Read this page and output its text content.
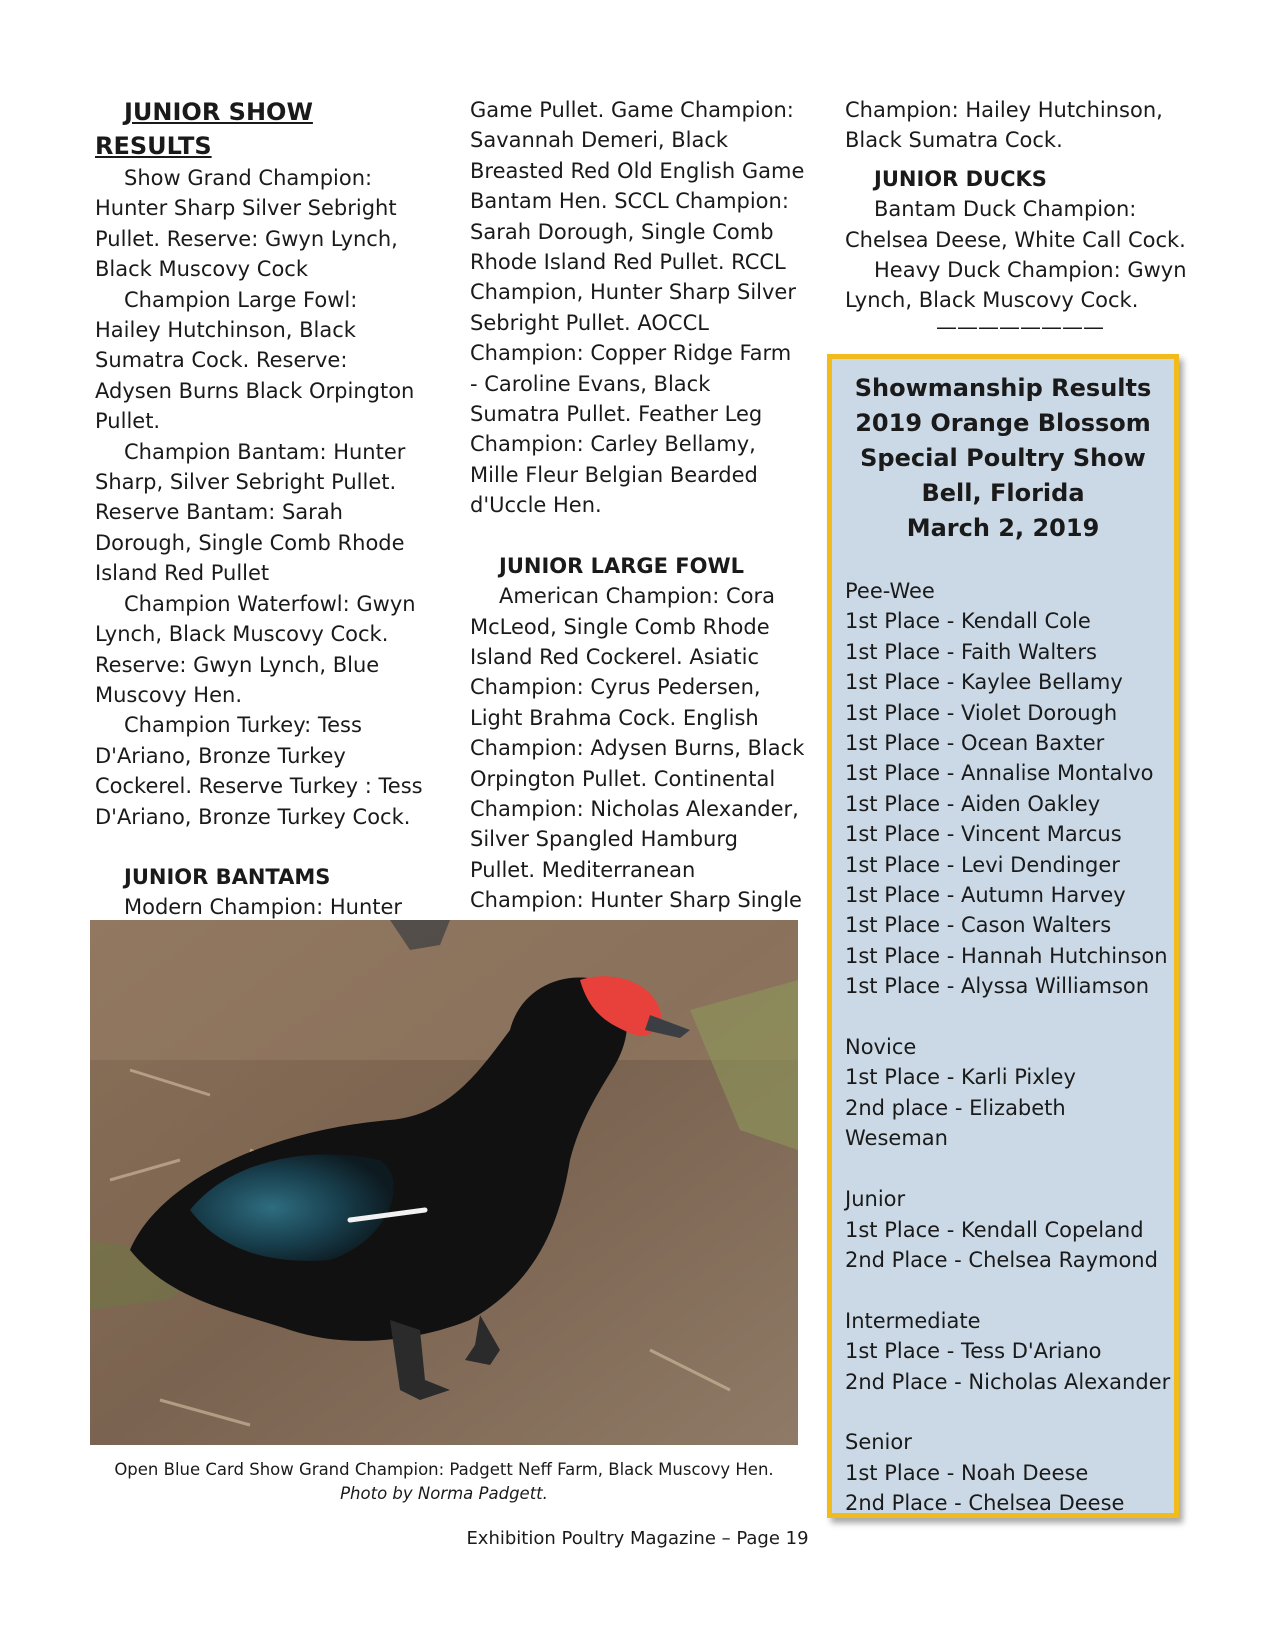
JUNIOR SHOW RESULTS

Show Grand Champion: Hunter Sharp Silver Sebright Pullet. Reserve: Gwyn Lynch, Black Muscovy Cock

Champion Large Fowl: Hailey Hutchinson, Black Sumatra Cock. Reserve: Adysen Burns Black Orpington Pullet.

Champion Bantam: Hunter Sharp, Silver Sebright Pullet. Reserve Bantam: Sarah Dorough, Single Comb Rhode Island Red Pullet

Champion Waterfowl: Gwyn Lynch, Black Muscovy Cock. Reserve: Gwyn Lynch, Blue Muscovy Hen.

Champion Turkey: Tess D'Ariano, Bronze Turkey Cockerel. Reserve Turkey : Tess D'Ariano, Bronze Turkey Cock.

JUNIOR BANTAMS

Modern Champion: Hunter

Game Pullet. Game Champion: Savannah Demeri, Black Breasted Red Old English Game Bantam Hen. SCCL Champion: Sarah Dorough, Single Comb Rhode Island Red Pullet. RCCL Champion, Hunter Sharp Silver Sebright Pullet. AOCCL Champion: Copper Ridge Farm - Caroline Evans, Black Sumatra Pullet. Feather Leg Champion: Carley Bellamy, Mille Fleur Belgian Bearded d'Uccle Hen.

JUNIOR LARGE FOWL

American Champion: Cora McLeod, Single Comb Rhode Island Red Cockerel. Asiatic Champion: Cyrus Pedersen, Light Brahma Cock. English Champion: Adysen Burns, Black Orpington Pullet. Continental Champion: Nicholas Alexander, Silver Spangled Hamburg Pullet. Mediterranean Champion: Hunter Sharp Single

Champion: Hailey Hutchinson, Black Sumatra Cock.

JUNIOR DUCKS

Bantam Duck Champion: Chelsea Deese, White Call Cock.

Heavy Duck Champion: Gwyn Lynch, Black Muscovy Cock.

————————

Showmanship Results
2019 Orange Blossom
Special Poultry Show
Bell, Florida
March 2, 2019

Pee-Wee

1st Place - Kendall Cole

1st Place - Faith Walters

1st Place - Kaylee Bellamy

1st Place - Violet Dorough

1st Place - Ocean Baxter

1st Place - Annalise Montalvo

1st Place - Aiden Oakley

1st Place - Vincent Marcus

1st Place - Levi Dendinger

1st Place - Autumn Harvey

1st Place - Cason Walters

1st Place - Hannah Hutchinson

1st Place - Alyssa Williamson

Novice

1st Place - Karli Pixley

2nd place - Elizabeth Weseman

Junior

1st Place - Kendall Copeland

2nd Place - Chelsea Raymond

Intermediate

1st Place - Tess D'Ariano

2nd Place - Nicholas Alexander

Senior

1st Place - Noah Deese

2nd Place - Chelsea Deese

Open Blue Card Show Grand Champion: Padgett Neff Farm, Black Muscovy Hen.
Photo by Norma Padgett.
Exhibition Poultry Magazine – Page 19
